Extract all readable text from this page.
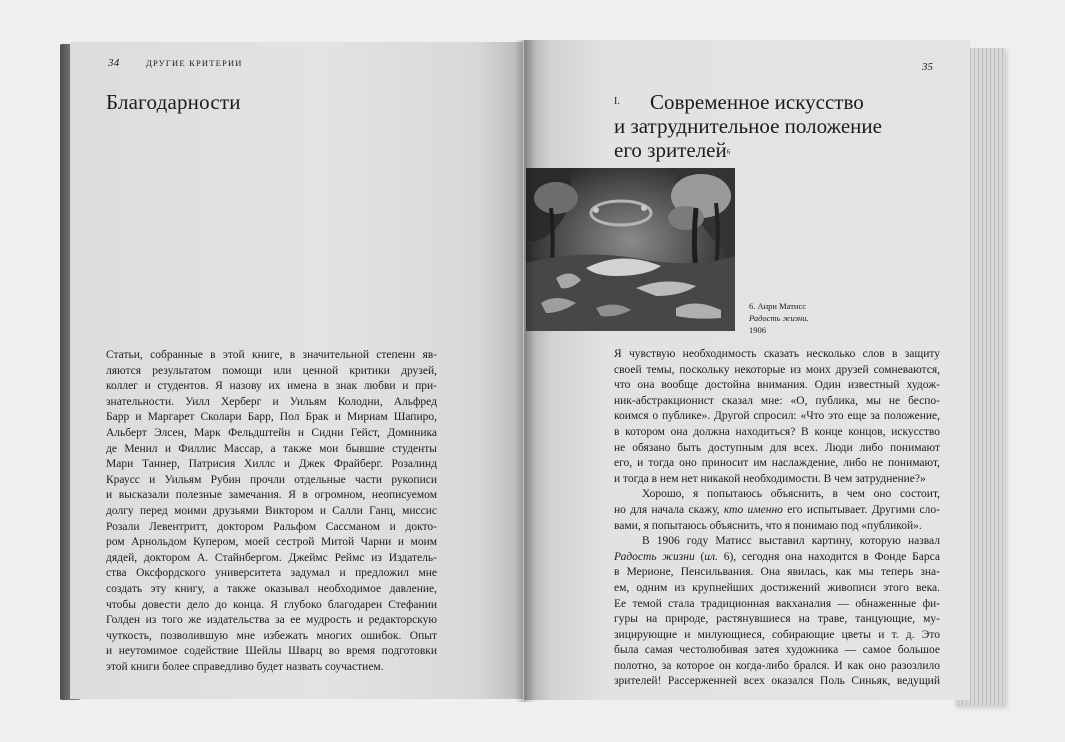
34	ДРУГИЕ КРИТЕРИИ
Благодарности
Статьи, собранные в этой книге, в значительной степени яв-
ляются результатом помощи или ценной критики друзей,
коллег и студентов. Я назову их имена в знак любви и при-
знательности. Уилл Херберг и Уильям Колодни, Альфред
Барр и Маргарет Сколари Барр, Пол Брак и Мириам Шапиро,
Альберт Элсен, Марк Фельдштейн и Сидни Гейст, Доминика
де Менил и Филлис Массар, а также мои бывшие студенты
Мари Таннер, Патрисия Хиллс и Джек Фрайберг. Розалинд
Краусс и Уильям Рубин прочли отдельные части рукописи
и высказали полезные замечания. Я в огромном, неописуемом
долгу перед моими друзьями Виктором и Салли Ганц, миссис
Розали Левентритт, доктором Ральфом Сассманом и докто-
ром Арнольдом Купером, моей сестрой Митой Чарни и моим
дядей, доктором А. Стайнбергом. Джеймс Реймс из Издатель-
ства Оксфордского университета задумал и предложил мне
создать эту книгу, а также оказывал необходимое давление,
чтобы довести дело до конца. Я глубоко благодарен Стефании
Голден из того же издательства за ее мудрость и редакторскую
чуткость, позволившую мне избежать многих ошибок. Опыт
и неутомимое содействие Шейлы Шварц во время подготовки
этой книги более справедливо будет назвать соучастием.
35
I.	Современное искусство
и затруднительное положение
его зрителей$^6$
6. Анри Матисс
Радость жизни.
1906
Я чувствую необходимость сказать несколько слов в защиту
своей темы, поскольку некоторые из моих друзей сомневаются,
что она вообще достойна внимания. Один известный худож-
ник-абстракционист сказал мне: «О, публика, мы не беспо-
коимся о публике». Другой спросил: «Что это еще за положение,
в котором она должна находиться? В конце концов, искусство
не обязано быть доступным для всех. Люди либо понимают
его, и тогда оно приносит им наслаждение, либо не понимают,
и тогда в нем нет никакой необходимости. В чем затруднение?»
Хорошо, я попытаюсь объяснить, в чем оно состоит,
но для начала скажу, кто именно его испытывает. Другими сло-
вами, я попытаюсь объяснить, что я понимаю под «публикой».
В 1906 году Матисс выставил картину, которую назвал
Радость жизни (ил. 6), сегодня она находится в Фонде Барса
в Мерионе, Пенсильвания. Она явилась, как мы теперь зна-
ем, одним из крупнейших достижений живописи этого века.
Ее темой стала традиционная вакханалия — обнаженные фи-
гуры на природе, растянувшиеся на траве, танцующие, му-
зицирующие и милующиеся, собирающие цветы и т. д. Это
была самая честолюбивая затея художника — самое большое
полотно, за которое он когда-либо брался. И как оно разозлило
зрителей! Рассерженней всех оказался Поль Синьяк, ведущий
